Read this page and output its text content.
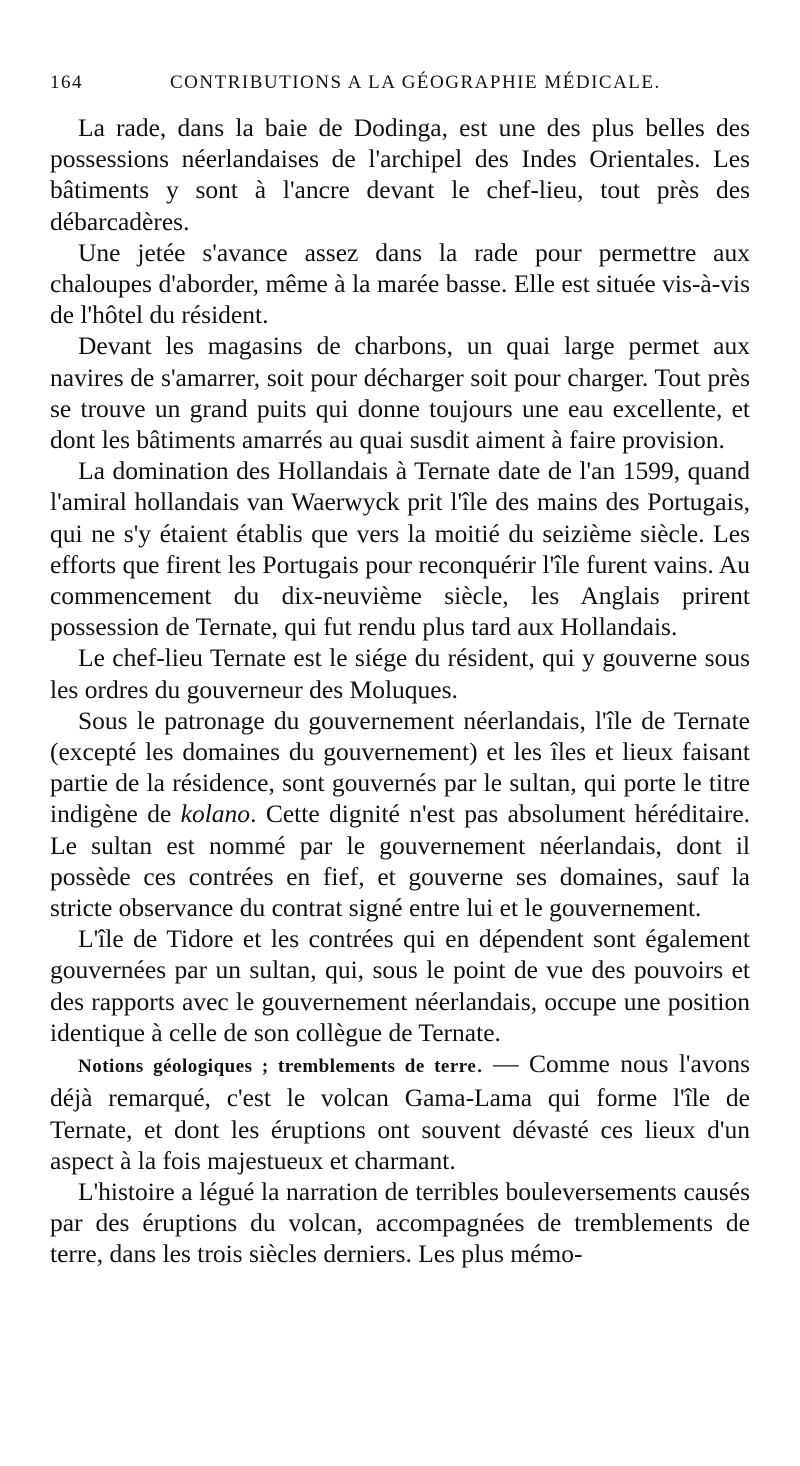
164	CONTRIBUTIONS A LA GÉOGRAPHIE MÉDICALE.

La rade, dans la baie de Dodinga, est une des plus belles des possessions néerlandaises de l'archipel des Indes Orientales. Les bâtiments y sont à l'ancre devant le chef-lieu, tout près des débarcadères.

Une jetée s'avance assez dans la rade pour permettre aux chaloupes d'aborder, même à la marée basse. Elle est située vis-à-vis de l'hôtel du résident.

Devant les magasins de charbons, un quai large permet aux navires de s'amarrer, soit pour décharger soit pour charger. Tout près se trouve un grand puits qui donne toujours une eau excellente, et dont les bâtiments amarrés au quai susdit aiment à faire provision.

La domination des Hollandais à Ternate date de l'an 1599, quand l'amiral hollandais van Waerwyck prit l'île des mains des Portugais, qui ne s'y étaient établis que vers la moitié du seizième siècle. Les efforts que firent les Portugais pour reconquérir l'île furent vains. Au commencement du dix-neuvième siècle, les Anglais prirent possession de Ternate, qui fut rendu plus tard aux Hollandais.

Le chef-lieu Ternate est le siége du résident, qui y gouverne sous les ordres du gouverneur des Moluques.

Sous le patronage du gouvernement néerlandais, l'île de Ternate (excepté les domaines du gouvernement) et les îles et lieux faisant partie de la résidence, sont gouvernés par le sultan, qui porte le titre indigène de kolano. Cette dignité n'est pas absolument héréditaire. Le sultan est nommé par le gouvernement néerlandais, dont il possède ces contrées en fief, et gouverne ses domaines, sauf la stricte observance du contrat signé entre lui et le gouvernement.

L'île de Tidore et les contrées qui en dépendent sont également gouvernées par un sultan, qui, sous le point de vue des pouvoirs et des rapports avec le gouvernement néerlandais, occupe une position identique à celle de son collègue de Ternate.

Notions géologiques ; tremblements de terre. — Comme nous l'avons déjà remarqué, c'est le volcan Gama-Lama qui forme l'île de Ternate, et dont les éruptions ont souvent dévasté ces lieux d'un aspect à la fois majestueux et charmant.

L'histoire a légué la narration de terribles bouleversements causés par des éruptions du volcan, accompagnées de tremblements de terre, dans les trois siècles derniers. Les plus mémo-
